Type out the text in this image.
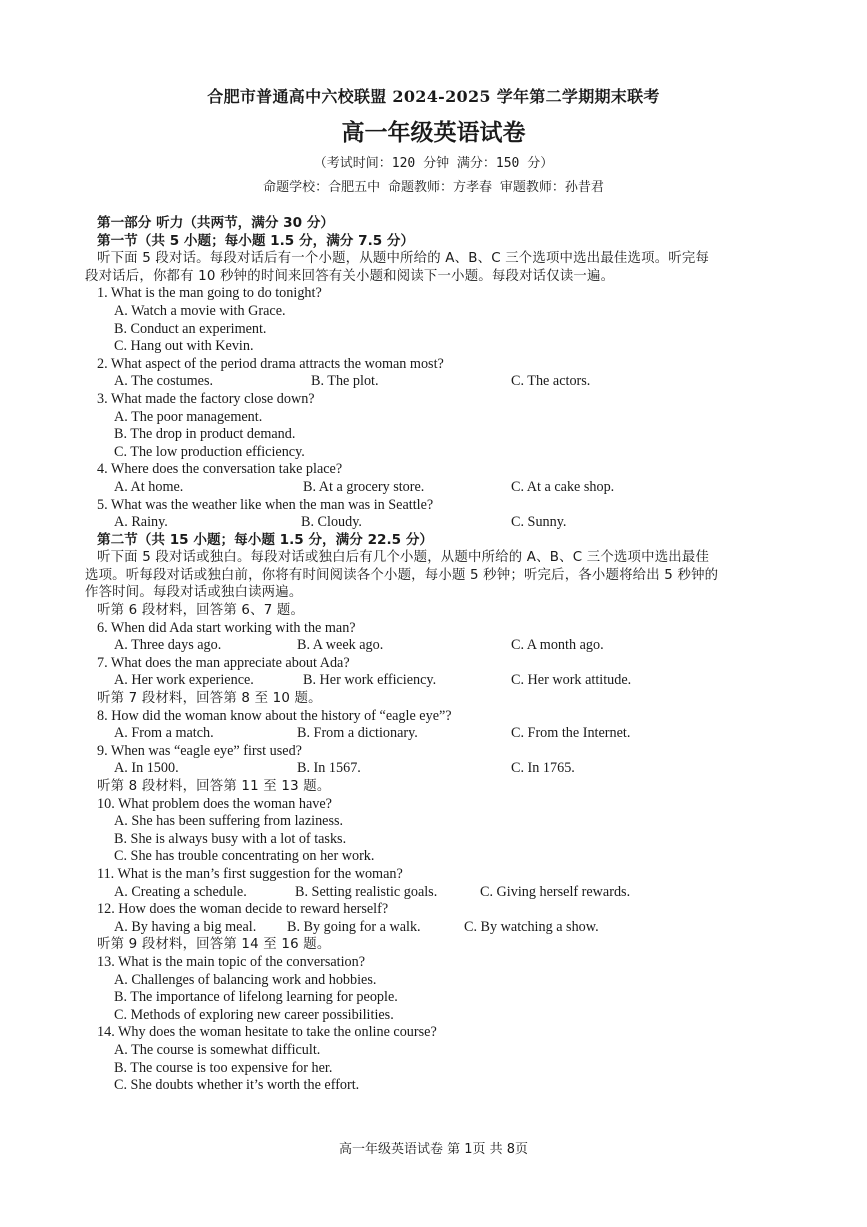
合肥市普通高中六校联盟 2024-2025 学年第二学期期末联考
高一年级英语试卷
（考试时间：120 分钟 满分：150 分）
命题学校：合肥五中 命题教师：方孝春 审题教师：孙昔君
第一部分 听力（共两节，满分 30 分）
第一节（共 5 小题；每小题 1.5 分，满分 7.5 分）
听下面 5 段对话。每段对话后有一个小题，从题中所给的 A、B、C 三个选项中选出最佳选项。听完每
段对话后，你都有 10 秒钟的时间来回答有关小题和阅读下一小题。每段对话仅读一遍。
1. What is the man going to do tonight?
A. Watch a movie with Grace.
B. Conduct an experiment.
C. Hang out with Kevin.
2. What aspect of the period drama attracts the woman most?
A. The costumes.	B. The plot.	C. The actors.
3. What made the factory close down?
A. The poor management.
B. The drop in product demand.
C. The low production efficiency.
4. Where does the conversation take place?
A. At home.	B. At a grocery store.	C. At a cake shop.
5. What was the weather like when the man was in Seattle?
A. Rainy.	B. Cloudy.	C. Sunny.
第二节（共 15 小题；每小题 1.5 分，满分 22.5 分）
听下面 5 段对话或独白。每段对话或独白后有几个小题，从题中所给的 A、B、C 三个选项中选出最佳
选项。听每段对话或独白前，你将有时间阅读各个小题，每小题 5 秒钟；听完后，各小题将给出 5 秒钟的
作答时间。每段对话或独白读两遍。
听第 6 段材料，回答第 6、7 题。
6. When did Ada start working with the man?
A. Three days ago.	B. A week ago.	C. A month ago.
7. What does the man appreciate about Ada?
A. Her work experience.	B. Her work efficiency.	C. Her work attitude.
听第 7 段材料，回答第 8 至 10 题。
8. How did the woman know about the history of “eagle eye”?
A. From a match.	B. From a dictionary.	C. From the Internet.
9. When was “eagle eye” first used?
A. In 1500.	B. In 1567.	C. In 1765.
听第 8 段材料，回答第 11 至 13 题。
10. What problem does the woman have?
A. She has been suffering from laziness.
B. She is always busy with a lot of tasks.
C. She has trouble concentrating on her work.
11. What is the man’s first suggestion for the woman?
A. Creating a schedule.	B. Setting realistic goals.	C. Giving herself rewards.
12. How does the woman decide to reward herself?
A. By having a big meal. B. By going for a walk.	C. By watching a show.
听第 9 段材料，回答第 14 至 16 题。
13. What is the main topic of the conversation?
A. Challenges of balancing work and hobbies.
B. The importance of lifelong learning for people.
C. Methods of exploring new career possibilities.
14. Why does the woman hesitate to take the online course?
A. The course is somewhat difficult.
B. The course is too expensive for her.
C. She doubts whether it’s worth the effort.
高一年级英语试卷 第 1页 共 8页
